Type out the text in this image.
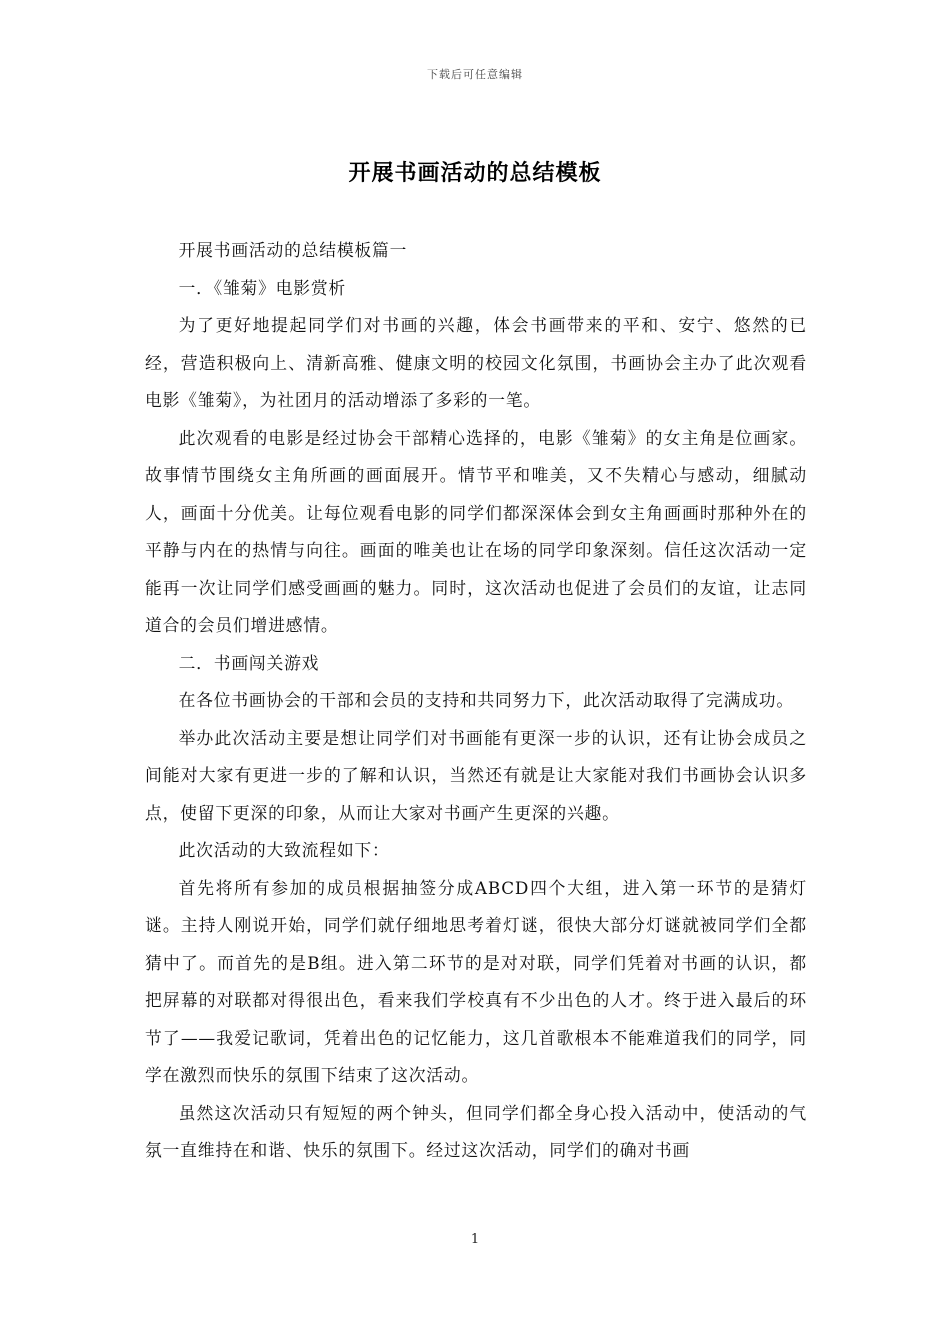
下载后可任意编辑
开展书画活动的总结模板

开展书画活动的总结模板篇一

一．《雏菊》电影赏析

为了更好地提起同学们对书画的兴趣，体会书画带来的平和、安宁、悠然的已经，营造积极向上、清新高雅、健康文明的校园文化氛围，书画协会主办了此次观看电影《雏菊》，为社团月的活动增添了多彩的一笔。

此次观看的电影是经过协会干部精心选择的，电影《雏菊》的女主角是位画家。故事情节围绕女主角所画的画面展开。情节平和唯美，又不失精心与感动，细腻动人，画面十分优美。让每位观看电影的同学们都深深体会到女主角画画时那种外在的平静与内在的热情与向往。画面的唯美也让在场的同学印象深刻。信任这次活动一定能再一次让同学们感受画画的魅力。同时，这次活动也促进了会员们的友谊，让志同道合的会员们增进感情。

二．书画闯关游戏

在各位书画协会的干部和会员的支持和共同努力下，此次活动取得了完满成功。

举办此次活动主要是想让同学们对书画能有更深一步的认识，还有让协会成员之间能对大家有更进一步的了解和认识，当然还有就是让大家能对我们书画协会认识多点，使留下更深的印象，从而让大家对书画产生更深的兴趣。

此次活动的大致流程如下：

首先将所有参加的成员根据抽签分成ABCD四个大组，进入第一环节的是猜灯谜。主持人刚说开始，同学们就仔细地思考着灯谜，很快大部分灯谜就被同学们全都猜中了。而首先的是B组。进入第二环节的是对对联，同学们凭着对书画的认识，都把屏幕的对联都对得很出色，看来我们学校真有不少出色的人才。终于进入最后的环节了——我爱记歌词，凭着出色的记忆能力，这几首歌根本不能难道我们的同学，同学在激烈而快乐的氛围下结束了这次活动。

虽然这次活动只有短短的两个钟头，但同学们都全身心投入活动中，使活动的气氛一直维持在和谐、快乐的氛围下。经过这次活动，同学们的确对书画

1
